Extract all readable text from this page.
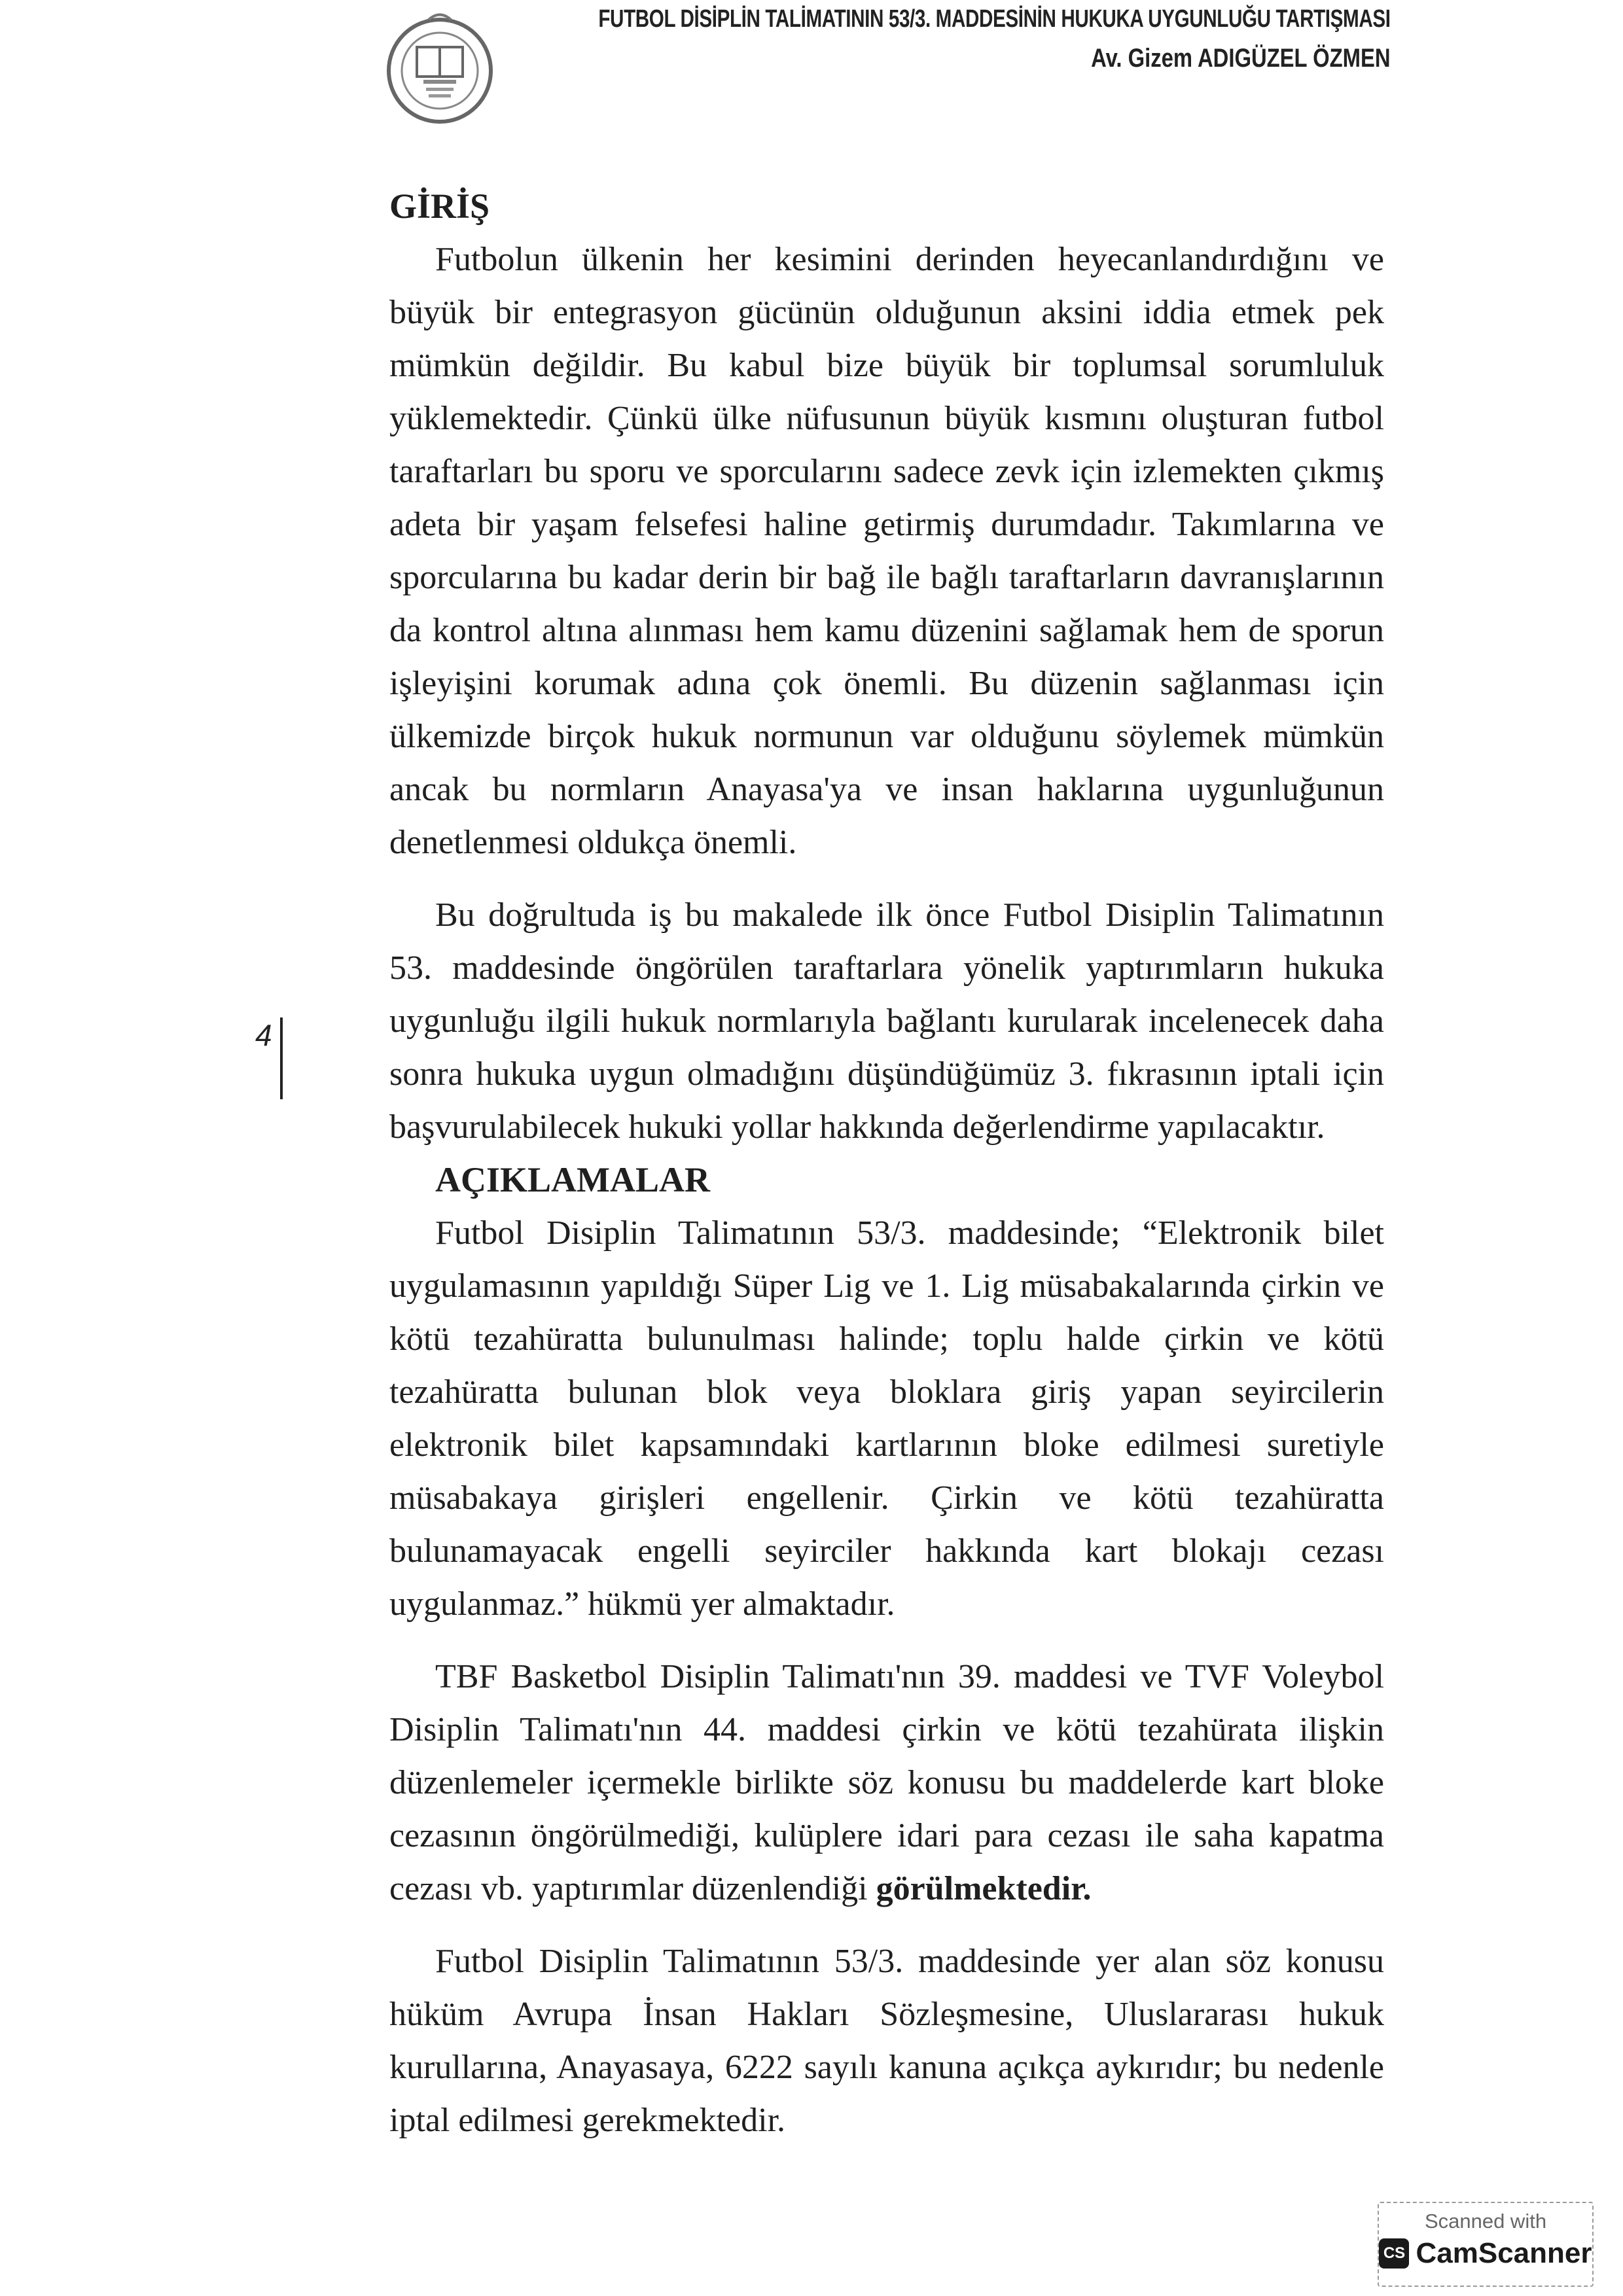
FUTBOL DİSİPLİN TALİMATININ 53/3. MADDESİNİN HUKUKA UYGUNLUĞU TARTIŞMASI
Av. Gizem ADIGÜZEL ÖZMEN
GİRİŞ

Futbolun ülkenin her kesimini derinden heyecanlandırdığını ve büyük bir entegrasyon gücünün olduğunun aksini iddia etmek pek mümkün değildir. Bu kabul bize büyük bir toplumsal sorumluluk yüklemektedir. Çünkü ülke nüfusunun büyük kısmını oluşturan futbol taraftarları bu sporu ve sporcularını sadece zevk için izlemekten çıkmış adeta bir yaşam felsefesi haline getirmiş durumdadır. Takımlarına ve sporcularına bu kadar derin bir bağ ile bağlı taraftarların davranışlarının da kontrol altına alınması hem kamu düzenini sağlamak hem de sporun işleyişini korumak adına çok önemli. Bu düzenin sağlanması için ülkemizde birçok hukuk normunun var olduğunu söylemek mümkün ancak bu normların Anayasa'ya ve insan haklarına uygunluğunun denetlenmesi oldukça önemli.

Bu doğrultuda iş bu makalede ilk önce Futbol Disiplin Talimatının 53. maddesinde öngörülen taraftarlara yönelik yaptırımların hukuka uygunluğu ilgili hukuk normlarıyla bağlantı kurularak incelenecek daha sonra hukuka uygun olmadığını düşündüğümüz 3. fıkrasının iptali için başvurulabilecek hukuki yollar hakkında değerlendirme yapılacaktır.

AÇIKLAMALAR

Futbol Disiplin Talimatının 53/3. maddesinde; “Elektronik bilet uygulamasının yapıldığı Süper Lig ve 1. Lig müsabakalarında çirkin ve kötü tezahüratta bulunulması halinde; toplu halde çirkin ve kötü tezahüratta bulunan blok veya bloklara giriş yapan seyircilerin elektronik bilet kapsamındaki kartlarının bloke edilmesi suretiyle müsabakaya girişleri engellenir. Çirkin ve kötü tezahüratta bulunamayacak engelli seyirciler hakkında kart blokajı cezası uygulanmaz.” hükmü yer almaktadır.

TBF Basketbol Disiplin Talimatı'nın 39. maddesi ve TVF Voleybol Disiplin Talimatı'nın 44. maddesi çirkin ve kötü tezahürata ilişkin düzenlemeler içermekle birlikte söz konusu bu maddelerde kart bloke cezasının öngörülmediği, kulüplere idari para cezası ile saha kapatma cezası vb. yaptırımlar düzenlendiği görülmektedir.

Futbol Disiplin Talimatının 53/3. maddesinde yer alan söz konusu hüküm Avrupa İnsan Hakları Sözleşmesine, Uluslararası hukuk kurullarına, Anayasaya, 6222 sayılı kanuna açıkça aykırıdır; bu nedenle iptal edilmesi gerekmektedir.

4
Scanned with
CS CamScanner
